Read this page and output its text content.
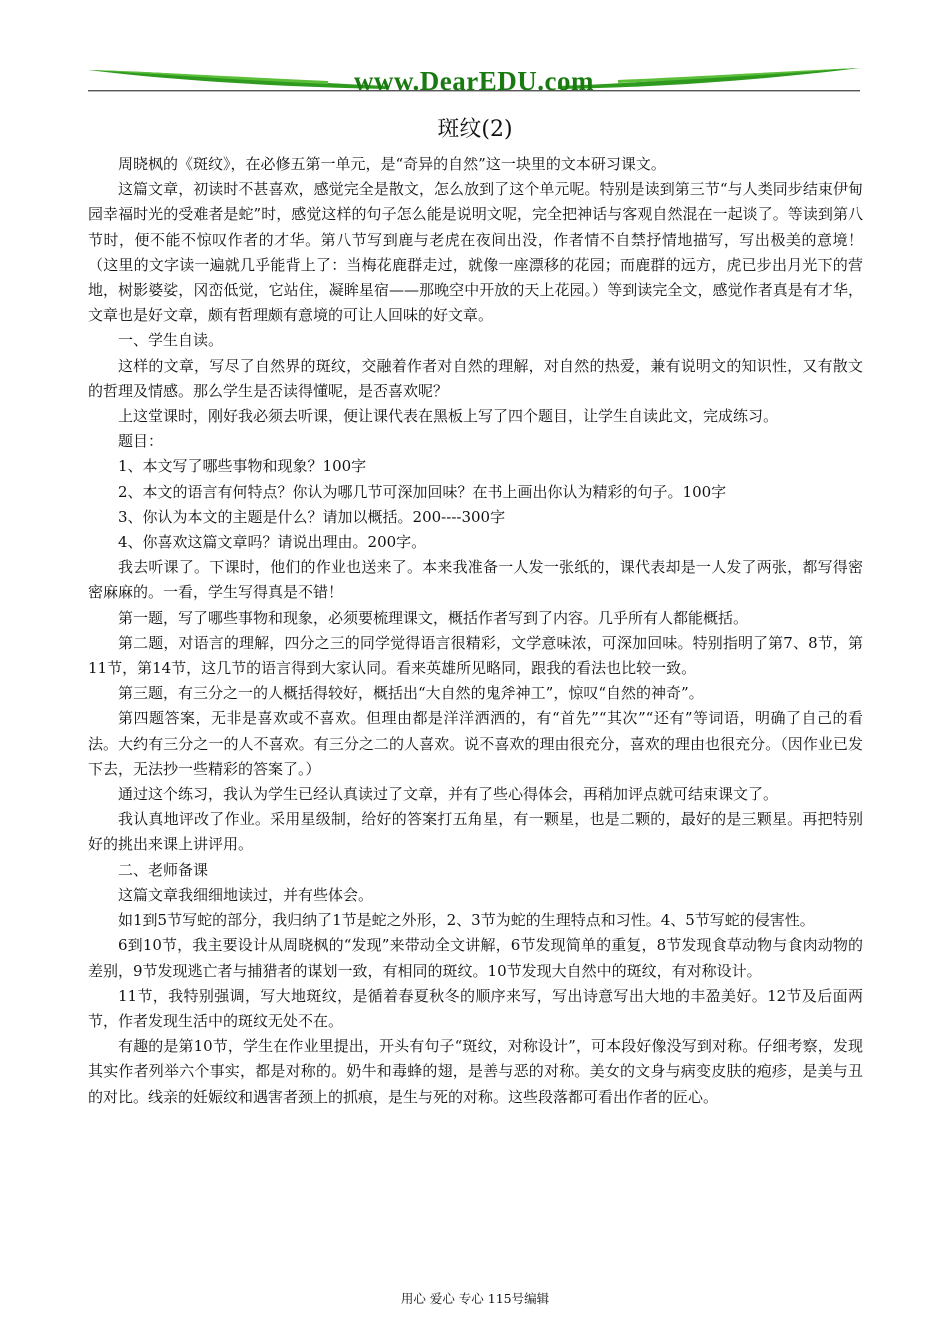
www.DearEDU.com
斑纹(2)

周晓枫的《斑纹》，在必修五第一单元，是“奇异的自然”这一块里的文本研习课文。

这篇文章，初读时不甚喜欢，感觉完全是散文，怎么放到了这个单元呢。特别是读到第三节“与人类同步结束伊甸园幸福时光的受难者是蛇”时，感觉这样的句子怎么能是说明文呢，完全把神话与客观自然混在一起谈了。等读到第八节时，便不能不惊叹作者的才华。第八节写到鹿与老虎在夜间出没，作者情不自禁抒情地描写，写出极美的意境！（这里的文字读一遍就几乎能背上了：当梅花鹿群走过，就像一座漂移的花园；而鹿群的远方，虎已步出月光下的营地，树影婆娑，冈峦低觉，它站住，凝眸星宿——那晚空中开放的天上花园。）等到读完全文，感觉作者真是有才华，文章也是好文章，颇有哲理颇有意境的可让人回味的好文章。

一、学生自读。

这样的文章，写尽了自然界的斑纹，交融着作者对自然的理解，对自然的热爱，兼有说明文的知识性，又有散文的哲理及情感。那么学生是否读得懂呢，是否喜欢呢？

上这堂课时，刚好我必须去听课，便让课代表在黑板上写了四个题目，让学生自读此文，完成练习。

题目：

1、本文写了哪些事物和现象？100字

2、本文的语言有何特点？你认为哪几节可深加回味？在书上画出你认为精彩的句子。100字

3、你认为本文的主题是什么？请加以概括。200----300字

4、你喜欢这篇文章吗？请说出理由。200字。

我去听课了。下课时，他们的作业也送来了。本来我准备一人发一张纸的，课代表却是一人发了两张，都写得密密麻麻的。一看，学生写得真是不错！

第一题，写了哪些事物和现象，必须要梳理课文，概括作者写到了内容。几乎所有人都能概括。

第二题，对语言的理解，四分之三的同学觉得语言很精彩，文学意味浓，可深加回味。特别指明了第7、8节，第11节，第14节，这几节的语言得到大家认同。看来英雄所见略同，跟我的看法也比较一致。

第三题，有三分之一的人概括得较好，概括出“大自然的鬼斧神工”，惊叹“自然的神奇”。

第四题答案，无非是喜欢或不喜欢。但理由都是洋洋洒洒的，有“首先”“其次”“还有”等词语，明确了自己的看法。大约有三分之一的人不喜欢。有三分之二的人喜欢。说不喜欢的理由很充分，喜欢的理由也很充分。（因作业已发下去，无法抄一些精彩的答案了。）

通过这个练习，我认为学生已经认真读过了文章，并有了些心得体会，再稍加评点就可结束课文了。

我认真地评改了作业。采用星级制，给好的答案打五角星，有一颗星，也是二颗的，最好的是三颗星。再把特别好的挑出来课上讲评用。

二、老师备课

这篇文章我细细地读过，并有些体会。

如1到5节写蛇的部分，我归纳了1节是蛇之外形，2、3节为蛇的生理特点和习性。4、5节写蛇的侵害性。

6到10节，我主要设计从周晓枫的“发现”来带动全文讲解，6节发现简单的重复，8节发现食草动物与食肉动物的差别，9节发现逃亡者与捕猎者的谋划一致，有相同的斑纹。10节发现大自然中的斑纹，有对称设计。

11节，我特别强调，写大地斑纹，是循着春夏秋冬的顺序来写，写出诗意写出大地的丰盈美好。12节及后面两节，作者发现生活中的斑纹无处不在。

有趣的是第10节，学生在作业里提出，开头有句子“斑纹，对称设计”，可本段好像没写到对称。仔细考察，发现其实作者列举六个事实，都是对称的。奶牛和毒蜂的翅，是善与恶的对称。美女的文身与病变皮肤的疱疹，是美与丑的对比。线亲的妊娠纹和遇害者颈上的抓痕，是生与死的对称。这些段落都可看出作者的匠心。

用心 爱心 专心 115号编辑
